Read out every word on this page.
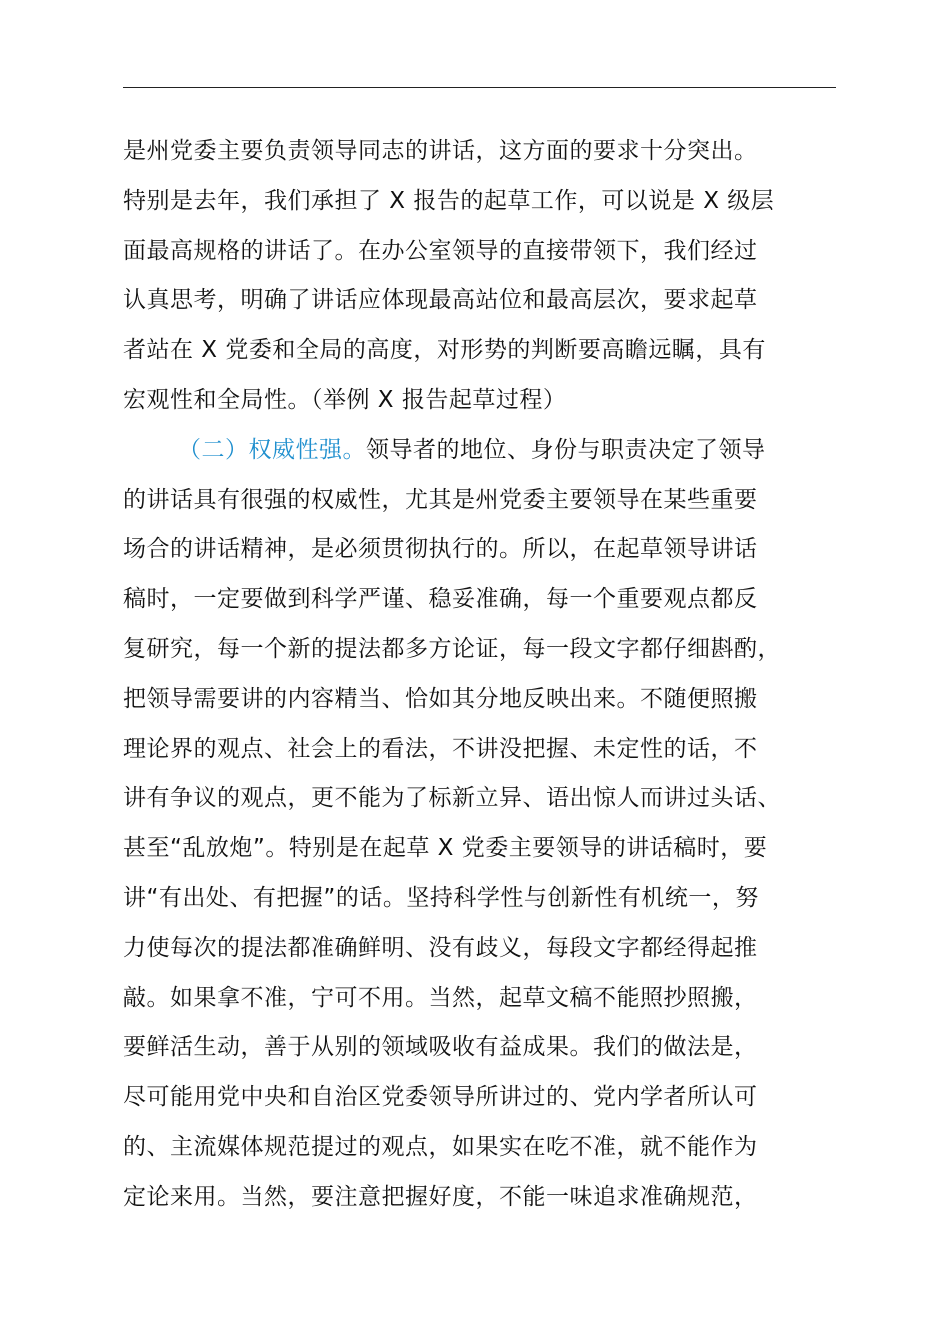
是州党委主要负责领导同志的讲话，这方面的要求十分突出。
特别是去年，我们承担了 X 报告的起草工作，可以说是 X 级层
面最高规格的讲话了。在办公室领导的直接带领下，我们经过
认真思考，明确了讲话应体现最高站位和最高层次，要求起草
者站在 X 党委和全局的高度，对形势的判断要高瞻远瞩，具有
宏观性和全局性。（举例 X 报告起草过程）
（二）权威性强。领导者的地位、身份与职责决定了领导
的讲话具有很强的权威性，尤其是州党委主要领导在某些重要
场合的讲话精神，是必须贯彻执行的。所以，在起草领导讲话
稿时，一定要做到科学严谨、稳妥准确，每一个重要观点都反
复研究，每一个新的提法都多方论证，每一段文字都仔细斟酌，
把领导需要讲的内容精当、恰如其分地反映出来。不随便照搬
理论界的观点、社会上的看法，不讲没把握、未定性的话，不
讲有争议的观点，更不能为了标新立异、语出惊人而讲过头话、
甚至“乱放炮”。特别是在起草 X 党委主要领导的讲话稿时，要
讲“有出处、有把握”的话。坚持科学性与创新性有机统一，努
力使每次的提法都准确鲜明、没有歧义，每段文字都经得起推
敲。如果拿不准，宁可不用。当然，起草文稿不能照抄照搬，
要鲜活生动，善于从别的领域吸收有益成果。我们的做法是，
尽可能用党中央和自治区党委领导所讲过的、党内学者所认可
的、主流媒体规范提过的观点，如果实在吃不准，就不能作为
定论来用。当然，要注意把握好度，不能一味追求准确规范，
